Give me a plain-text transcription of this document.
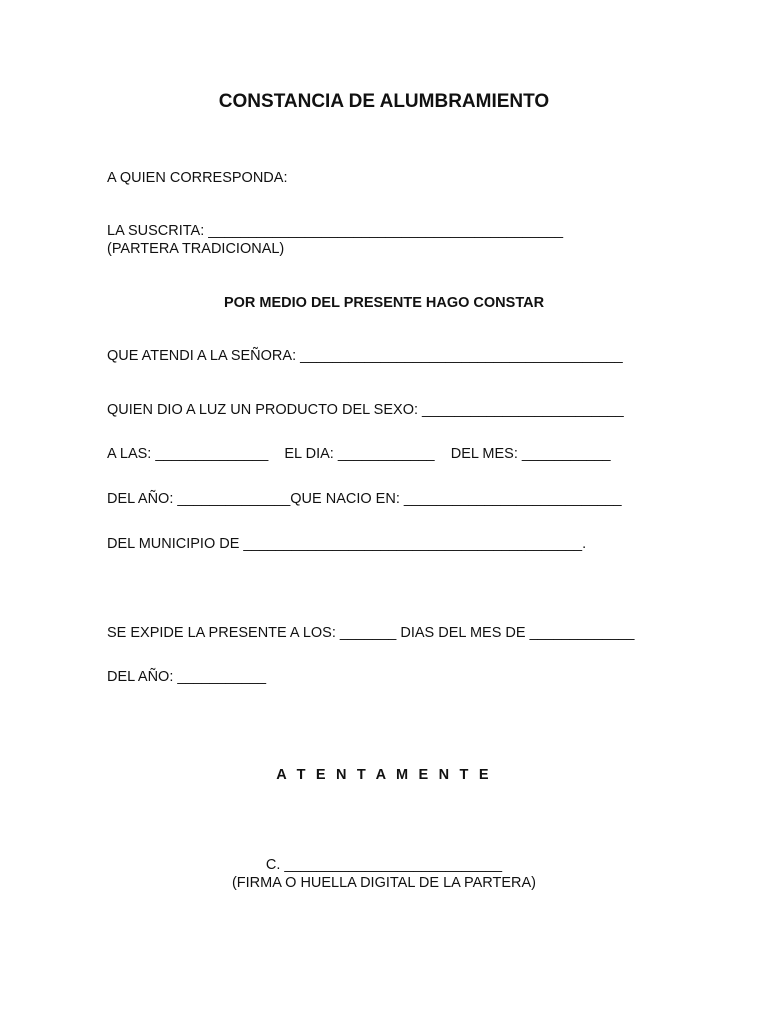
CONSTANCIA DE ALUMBRAMIENTO

A QUIEN CORRESPONDA:

LA SUSCRITA: ____________________________________________

(PARTERA TRADICIONAL)

POR MEDIO DEL PRESENTE HAGO CONSTAR

QUE ATENDI A LA SEÑORA: ________________________________________

QUIEN DIO A LUZ UN PRODUCTO DEL SEXO: _________________________

A LAS: ______________    EL DIA: ____________    DEL MES: ___________

DEL AÑO: ______________QUE NACIO EN: ___________________________

DEL MUNICIPIO DE __________________________________________.

SE EXPIDE LA PRESENTE A LOS: _______ DIAS DEL MES DE _____________

DEL AÑO: ___________

A T E N T A M E N T E

C. ___________________________

(FIRMA O HUELLA DIGITAL DE LA PARTERA)
